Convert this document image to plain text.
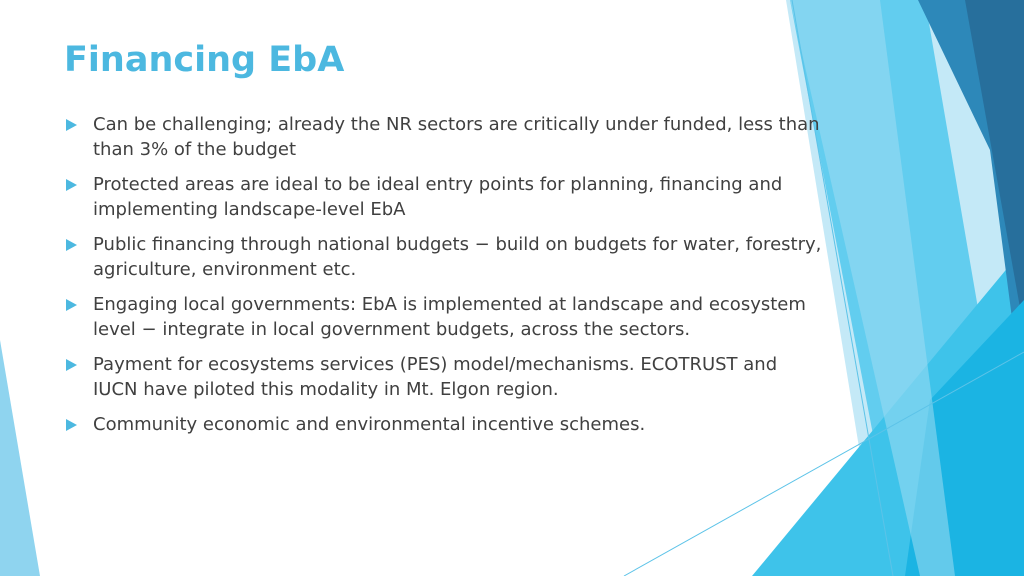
Financing EbA
Can be challenging; already the NR sectors are critically under funded, less than than 3% of the budget
Protected areas are ideal to be ideal entry points for planning, financing and implementing landscape-level EbA
Public financing through national budgets − build on budgets for water, forestry, agriculture, environment etc.
Engaging local governments: EbA is implemented at landscape and ecosystem level − integrate in local government budgets, across the sectors.
Payment for ecosystems services (PES) model/mechanisms. ECOTRUST and IUCN have piloted this modality in Mt. Elgon region.
Community economic and environmental incentive schemes.
